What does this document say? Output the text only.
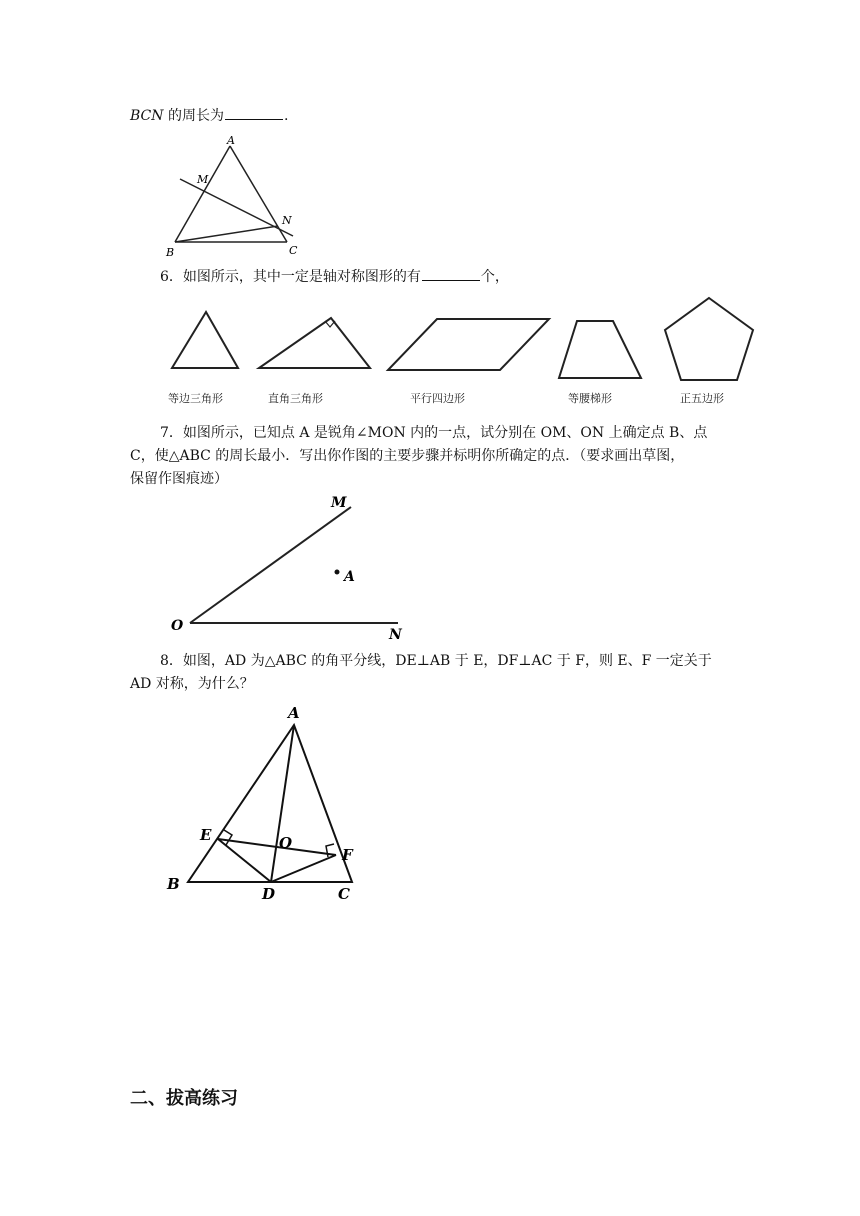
BCN 的周长为	.
A
M
N
B	C
6．如图所示，其中一定是轴对称图形的有	个，
等边三角形	直角三角形	平行四边形	等腰梯形	正五边形
7．如图所示，已知点 A 是锐角∠MON 内的一点，试分别在 OM、ON 上确定点 B、点
C，使△ABC 的周长最小．写出你作图的主要步骤并标明你所确定的点．（要求画出草图，
保留作图痕迹）
M
A
O
N
8．如图，AD 为△ABC 的角平分线，DE⊥AB 于 E，DF⊥AC 于 F，则 E、F 一定关于
AD 对称，为什么？
A
E	O
F
B
D	C
二、拔高练习
